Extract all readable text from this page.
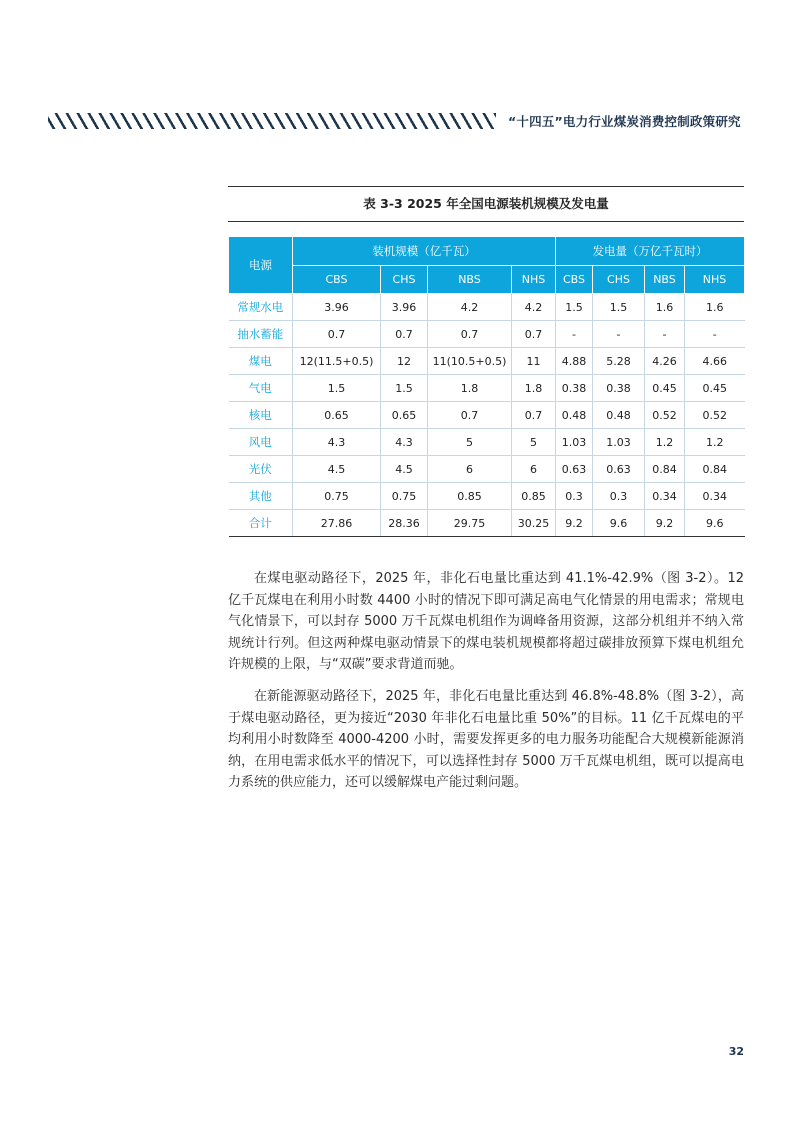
“十四五”电力行业煤炭消费控制政策研究
表 3-3 2025 年全国电源装机规模及发电量
电源	装机规模（亿千瓦）				发电量（万亿千瓦时）			
	CBS	CHS	NBS	NHS	CBS	CHS	NBS	NHS
常规水电	3.96	3.96	4.2	4.2	1.5	1.5	1.6	1.6
抽水蓄能	0.7	0.7	0.7	0.7	-	-	-	-
煤电	12(11.5+0.5)	12	11(10.5+0.5)	11	4.88	5.28	4.26	4.66
气电	1.5	1.5	1.8	1.8	0.38	0.38	0.45	0.45
核电	0.65	0.65	0.7	0.7	0.48	0.48	0.52	0.52
风电	4.3	4.3	5	5	1.03	1.03	1.2	1.2
光伏	4.5	4.5	6	6	0.63	0.63	0.84	0.84
其他	0.75	0.75	0.85	0.85	0.3	0.3	0.34	0.34
合计	27.86	28.36	29.75	30.25	9.2	9.6	9.2	9.6

在煤电驱动路径下，2025 年，非化石电量比重达到 41.1%-42.9%（图 3-2）。12 亿千瓦煤电在利用小时数 4400 小时的情况下即可满足高电气化情景的用电需求；常规电气化情景下，可以封存 5000 万千瓦煤电机组作为调峰备用资源，这部分机组并不纳入常规统计行列。但这两种煤电驱动情景下的煤电装机规模都将超过碳排放预算下煤电机组允许规模的上限，与“双碳”要求背道而驰。

在新能源驱动路径下，2025 年，非化石电量比重达到 46.8%-48.8%（图 3-2），高于煤电驱动路径，更为接近“2030 年非化石电量比重 50%”的目标。11 亿千瓦煤电的平均利用小时数降至 4000-4200 小时，需要发挥更多的电力服务功能配合大规模新能源消纳，在用电需求低水平的情况下，可以选择性封存 5000 万千瓦煤电机组，既可以提高电力系统的供应能力，还可以缓解煤电产能过剩问题。

32
